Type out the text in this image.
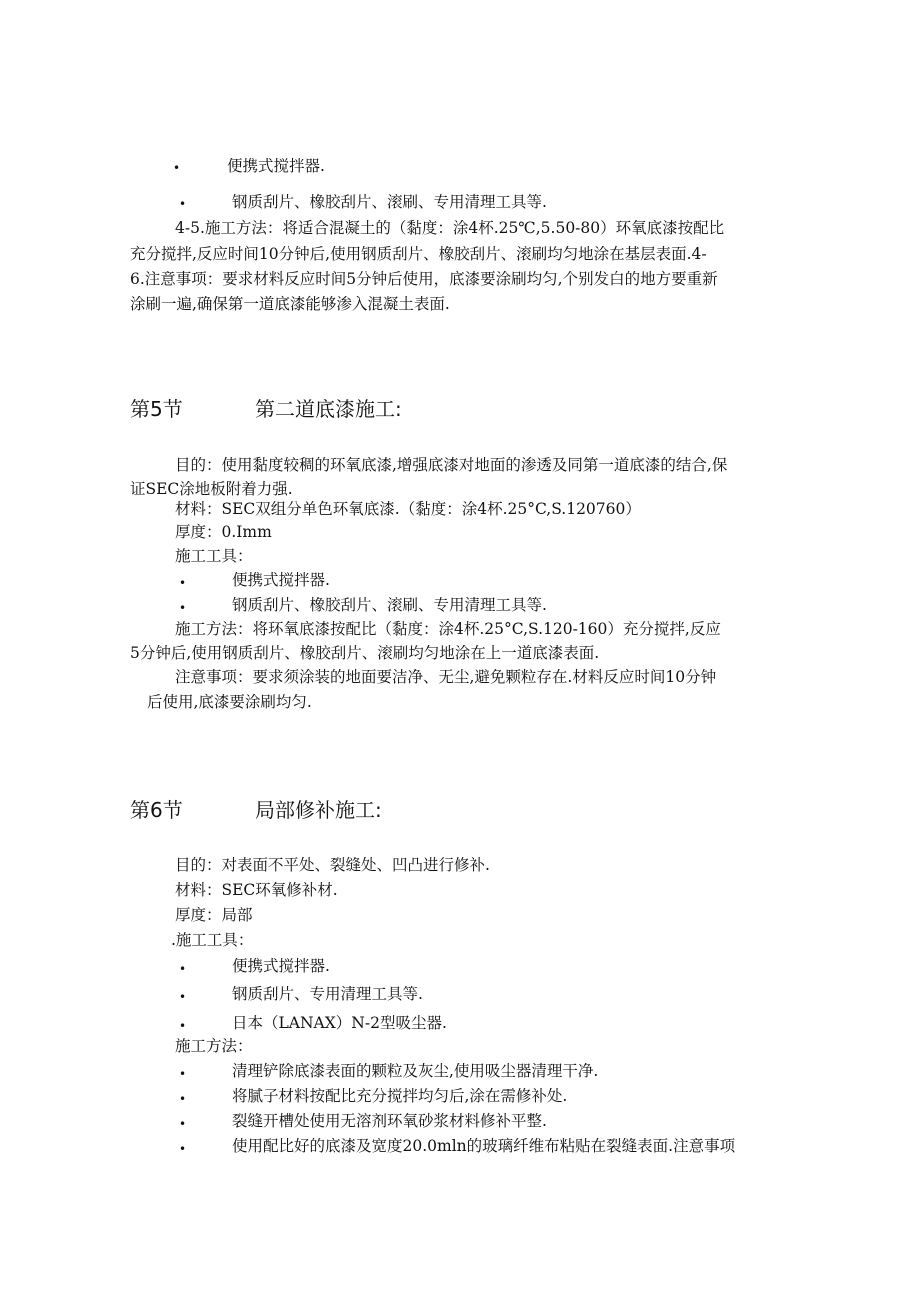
•	便携式搅拌器.
•	钢质刮片、橡胶刮片、滚刷、专用清理工具等.
4-5.施工方法：将适合混凝土的（黏度：涂4杯.25℃,5.50-80）环氧底漆按配比
充分搅拌,反应时间10分钟后,使用钢质刮片、橡胶刮片、滚刷均匀地涂在基层表面.4-
6.注意事项：要求材料反应时间5分钟后使用，底漆要涂刷均匀,个别发白的地方要重新
涂刷一遍,确保第一道底漆能够渗入混凝土表面.
第5节	第二道底漆施工:
目的：使用黏度较稠的环氧底漆,增强底漆对地面的渗透及同第一道底漆的结合,保
证SEC涂地板附着力强.
材料：SEC双组分单色环氧底漆.（黏度：涂4杯.25°C,S.120760）
厚度：0.Imm
施工工具：
•	便携式搅拌器.
•	钢质刮片、橡胶刮片、滚刷、专用清理工具等.
施工方法：将环氧底漆按配比（黏度：涂4杯.25°C,S.120-160）充分搅拌,反应
5分钟后,使用钢质刮片、橡胶刮片、滚刷均匀地涂在上一道底漆表面.
注意事项：要求须涂装的地面要洁净、无尘,避免颗粒存在.材料反应时间10分钟
后使用,底漆要涂刷均匀.
第6节	局部修补施工:
目的：对表面不平处、裂缝处、凹凸进行修补.
材料：SEC环氧修补材.
厚度：局部
.施工工具：
•	便携式搅拌器.
•	钢质刮片、专用清理工具等.
•	日本（LANAX）N-2型吸尘器.
施工方法：
•	清理铲除底漆表面的颗粒及灰尘,使用吸尘器清理干净.
•	将腻子材料按配比充分搅拌均匀后,涂在需修补处.
•	裂缝开槽处使用无溶剂环氧砂浆材料修补平整.
•	使用配比好的底漆及宽度20.0mln的玻璃纤维布粘贴在裂缝表面.注意事项
